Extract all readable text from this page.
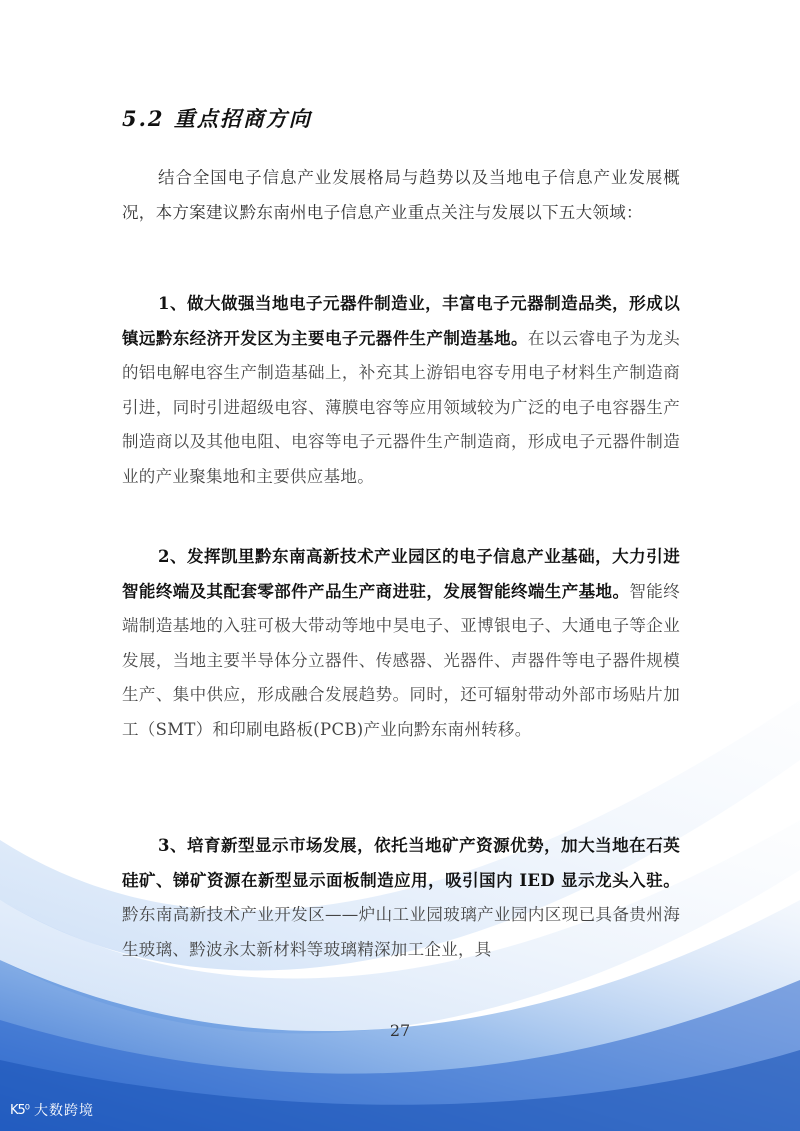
5.2 重点招商方向

结合全国电子信息产业发展格局与趋势以及当地电子信息产业发展概况，本方案建议黔东南州电子信息产业重点关注与发展以下五大领域：

1、做大做强当地电子元器件制造业，丰富电子元器制造品类，形成以镇远黔东经济开发区为主要电子元器件生产制造基地。在以云睿电子为龙头的铝电解电容生产制造基础上，补充其上游铝电容专用电子材料生产制造商引进，同时引进超级电容、薄膜电容等应用领域较为广泛的电子电容器生产制造商以及其他电阻、电容等电子元器件生产制造商，形成电子元器件制造业的产业聚集地和主要供应基地。

2、发挥凯里黔东南高新技术产业园区的电子信息产业基础，大力引进智能终端及其配套零部件产品生产商进驻，发展智能终端生产基地。智能终端制造基地的入驻可极大带动等地中昊电子、亚博银电子、大通电子等企业发展，当地主要半导体分立器件、传感器、光器件、声器件等电子器件规模生产、集中供应，形成融合发展趋势。同时，还可辐射带动外部市场贴片加工（SMT）和印刷电路板(PCB)产业向黔东南州转移。

3、培育新型显示市场发展，依托当地矿产资源优势，加大当地在石英硅矿、锑矿资源在新型显示面板制造应用，吸引国内 IED 显示龙头入驻。黔东南高新技术产业开发区——炉山工业园玻璃产业园内区现已具备贵州海生玻璃、黔波永太新材料等玻璃精深加工企业，具

27
K5⁰ 大数跨境
